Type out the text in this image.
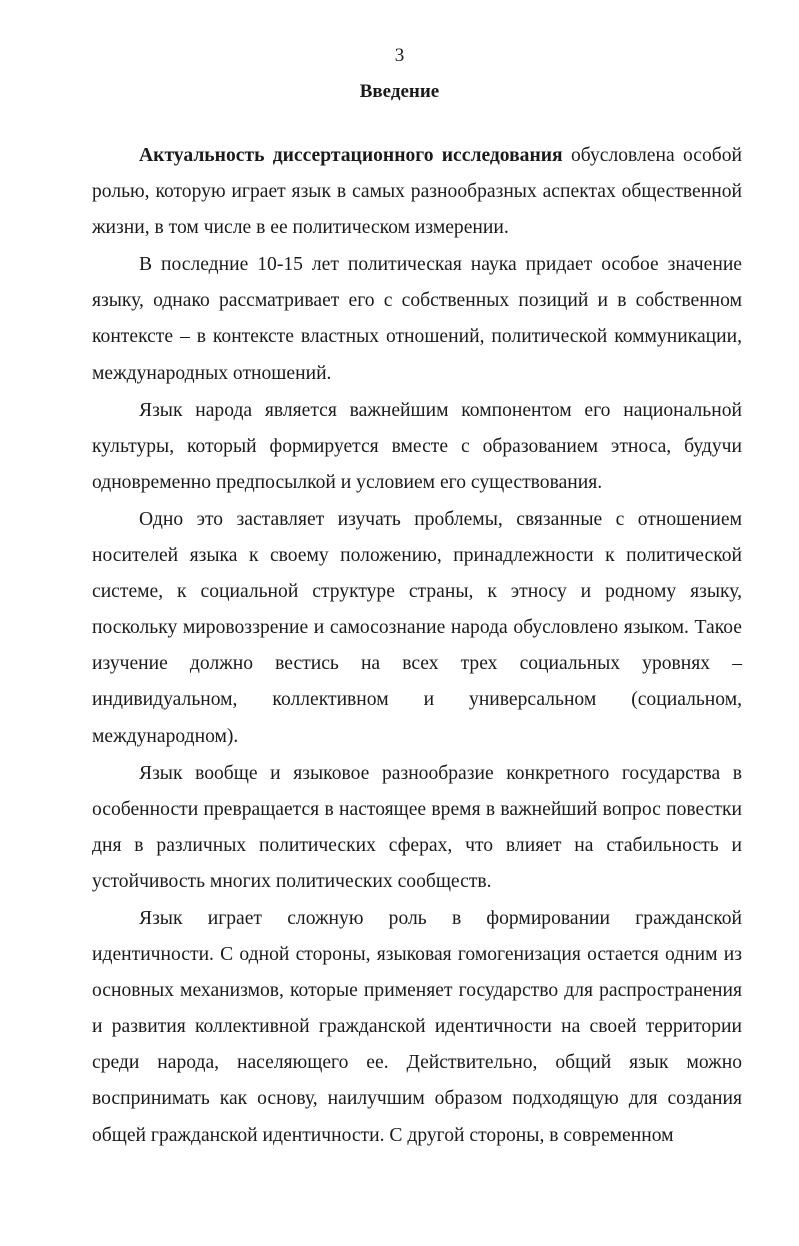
3
Введение

Актуальность диссертационного исследования обусловлена особой ролью, которую играет язык в самых разнообразных аспектах общественной жизни, в том числе в ее политическом измерении.

В последние 10-15 лет политическая наука придает особое значение языку, однако рассматривает его с собственных позиций и в собственном контексте – в контексте властных отношений, политической коммуникации, международных отношений.

Язык народа является важнейшим компонентом его национальной культуры, который формируется вместе с образованием этноса, будучи одновременно предпосылкой и условием его существования.

Одно это заставляет изучать проблемы, связанные с отношением носителей языка к своему положению, принадлежности к политической системе, к социальной структуре страны, к этносу и родному языку, поскольку мировоззрение и самосознание народа обусловлено языком. Такое изучение должно вестись на всех трех социальных уровнях – индивидуальном, коллективном и универсальном (социальном, международном).

Язык вообще и языковое разнообразие конкретного государства в особенности превращается в настоящее время в важнейший вопрос повестки дня в различных политических сферах, что влияет на стабильность и устойчивость многих политических сообществ.

Язык играет сложную роль в формировании гражданской идентичности. С одной стороны, языковая гомогенизация остается одним из основных механизмов, которые применяет государство для распространения и развития коллективной гражданской идентичности на своей территории среди народа, населяющего ее. Действительно, общий язык можно воспринимать как основу, наилучшим образом подходящую для создания общей гражданской идентичности. С другой стороны, в современном
